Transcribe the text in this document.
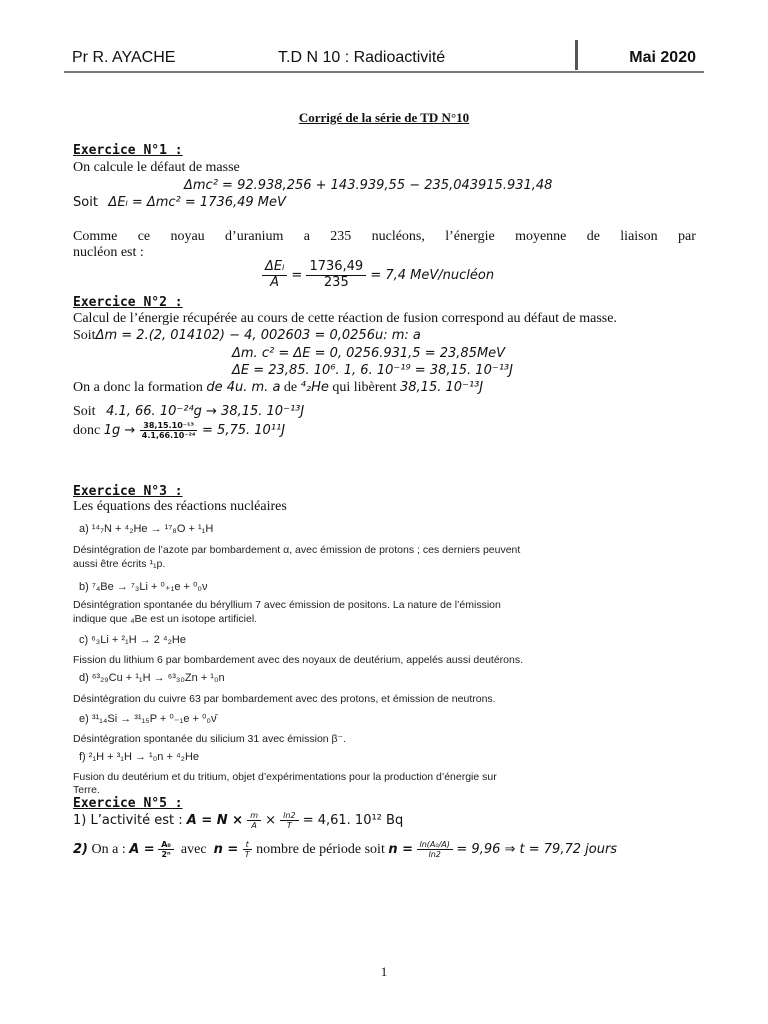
Pr R. AYACHE	T.D N 10 : Radioactivité	Mai 2020
Corrigé de la série de TD N°10
Exercice N°1 :
On calcule le défaut de masse
Δmc² = 92.938,256 + 143.939,55 − 235,043915.931,48
Soit ΔEₗ = Δmc² = 1736,49 MeV
Comme ce noyau d’uranium a 235 nucléons, l’énergie moyenne de liaison par
nucléon est :
$\frac{\text{ΔEₗ}}{A} = \frac{1736,49}{235} = 7,4$ MeV/nucléon
Exercice N°2 :
Calcul de l’énergie récupérée au cours de cette réaction de fusion correspond au défaut de masse.
SoitΔm = 2.(2, 014102) − 4, 002603 = 0,0256u: m: a
Δm. c² = ΔE = 0, 0256.931,5 = 23,85MeV
ΔE = 23,85. 10⁶. 1, 6. 10⁻¹⁹ = 38,15. 10⁻¹³J
On a donc la formation de 4u. m. a de ⁴₂He qui libèrent 38,15. 10⁻¹³J
Soit 4.1, 66. 10⁻²⁴g → 38,15. 10⁻¹³J
donc $1g \to \frac{\text{38,15.10⁻¹³}}{\text{4.1,66.10⁻²⁴}} = 5,75$. 10¹¹J
Exercice N°3 :
Les équations des réactions nucléaires
a) ¹⁴₇N + ⁴₂He → ¹⁷₈O + ¹₁H
Désintégration de l’azote par bombardement α, avec émission de protons ; ces derniers peuvent
aussi être écrits ¹₁p.
b) ⁷₄Be → ⁷₃Li + ⁰₊₁e + ⁰₀ν
Désintégration spontanée du béryllium 7 avec émission de positons. La nature de l’émission
indique que ₄Be est un isotope artificiel.
c) ⁶₃Li + ²₁H → 2 ⁴₂He
Fission du lithium 6 par bombardement avec des noyaux de deutérium, appelés aussi deutérons.
d) ⁶³₂₉Cu + ¹₁H → ⁶³₃₀Zn + ¹₀n
Désintégration du cuivre 63 par bombardement avec des protons, et émission de neutrons.
e) ³¹₁₄Si → ³¹₁₅P + ⁰₋₁e + ⁰₀ν̄
Désintégration spontanée du silicium 31 avec émission β⁻.
f) ²₁H + ³₁H → ¹₀n + ⁴₂He
Fusion du deutérium et du tritium, objet d’expérimentations pour la production d’énergie sur
Terre.
Exercice N°5 :
1) L’activité est : $A = N \times \frac{m}{A} \times \frac{\ln 2}{T} = 4,61$. 10¹² Bq
2) On a : $A = \frac{\text{A₀}}{\text{2ⁿ}}$ avec $n = \frac{t}{T}$ nombre de période soit $n = \frac{\text{ln(A₀/A)}}{\ln 2} = 9,96$ ⇒ t = 79,72 jours
1
